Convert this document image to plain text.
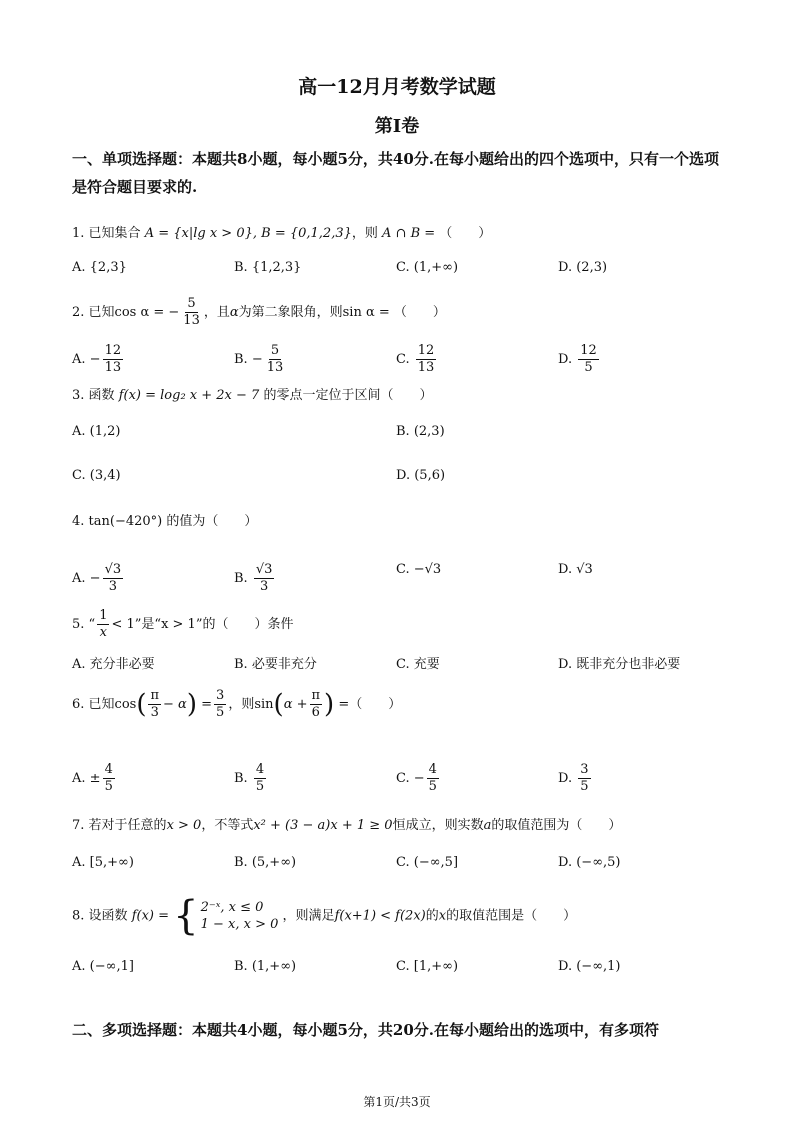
高一12月月考数学试题
第I卷
一、单项选择题：本题共8小题，每小题5分，共40分.在每小题给出的四个选项中，只有一个选项是符合题目要求的.
1. 已知集合 A = {x|lg x > 0}, B = {0,1,2,3}，则 A ∩ B = （　　）
A. {2,3}	B. {1,2,3}	C. (1,+∞)	D. (2,3)
2. 已知cos α = − $\frac{5}{13}$ ，且α为第二象限角，则sin α = （　　）
A. − $\frac{12}{13}$	B. − $\frac{5}{13}$	C. $\frac{12}{13}$	D. $\frac{12}{5}$
3. 函数 f(x) = log₂ x + 2x − 7 的零点一定位于区间（　　）
A. (1,2)	B. (2,3)
C. (3,4)	D. (5,6)
4. tan(−420°) 的值为（　　）
A. − $\frac{√3}{3}$	B. $\frac{√3}{3}$	C. −√3	D. √3
5. “ $\frac{1}{x} < 1$”是“x > 1”的（　　）条件
A. 充分非必要	B. 必要非充分	C. 充要	D. 既非充分也非必要
6. 已知$\cos( \frac{\pi}{3} - \alpha) = \frac{3}{5}$ ，则$\sin(\alpha + \frac{\pi}{6}$ ) =（　　）
A. ± $\frac{4}{5}$	B. $\frac{4}{5}$	C. − $\frac{4}{5}$	D. $\frac{3}{5}$
7. 若对于任意的x > 0，不等式x² + (3 − a)x + 1 ≥ 0恒成立，则实数a的取值范围为（　　）
A. [5,+∞)	B. (5,+∞)	C. (−∞,5]	D. (−∞,5)
8. 设函数 f(x) = { 2⁻ˣ, x ≤ 0
1 − x, x > 0
，则满足f(x+1) < f(2x)的x的取值范围是（　　）
A. (−∞,1]	B. (1,+∞)	C. [1,+∞)	D. (−∞,1)
二、多项选择题：本题共4小题，每小题5分，共20分.在每小题给出的选项中，有多项符
第1页/共3页
